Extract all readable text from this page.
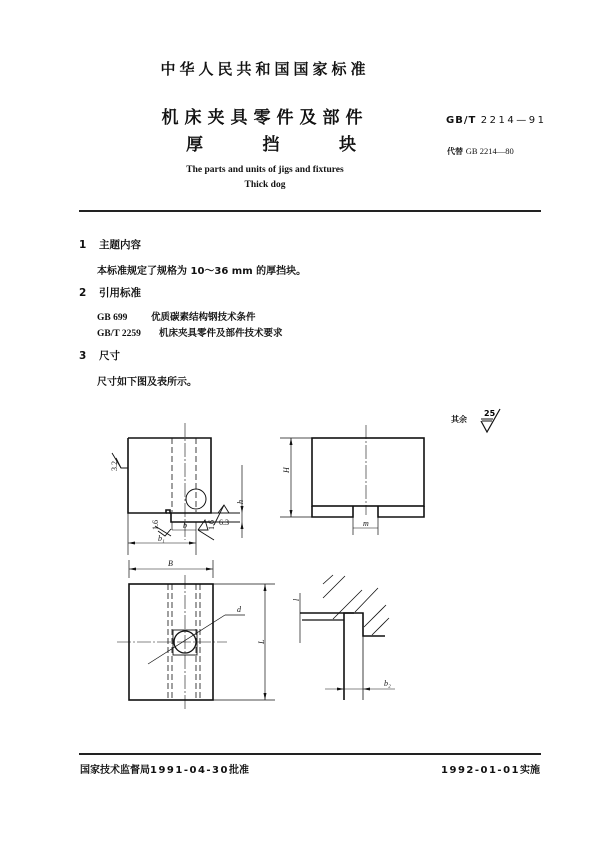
中华人民共和国国家标准
机床夹具零件及部件
厚	挡	块
The parts and units of jigs and fixtures
Thick dog
GB/T 2214—91
代替 GB 2214—80
1 主题内容
本标准规定了规格为 10～36 mm 的厚挡块。
2 引用标准
GB 699 优质碳素结构钢技术条件
GB/T 2259 机床夹具零件及部件技术要求
3 尺寸
尺寸如下图及表所示。
其余
25
3.2
1.6	1.6 6.3
b
b₁
h
H
m
B
L
d
l
b₂
国家技术监督局1991-04-30批准	1992-01-01实施
